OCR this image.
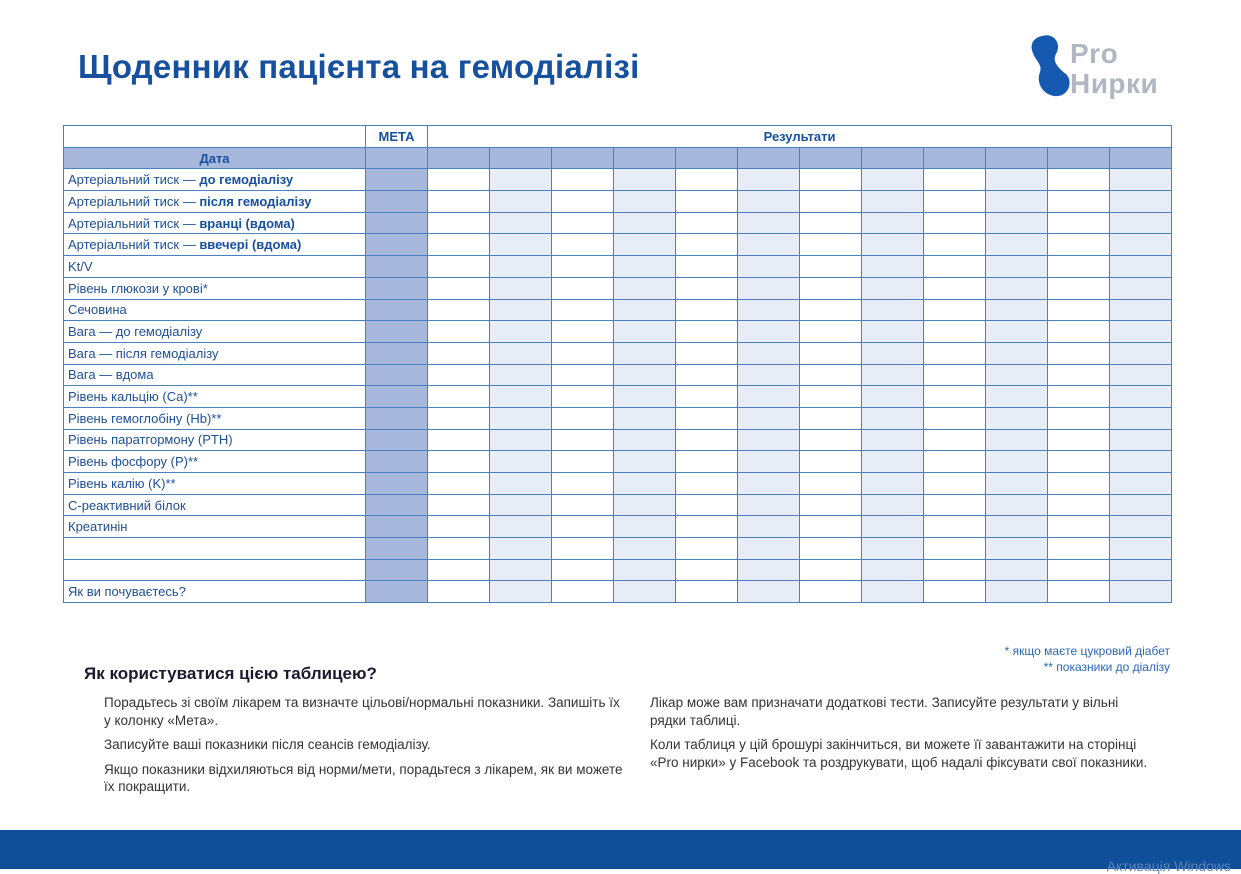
Щоденник пацієнта на гемодіалізі	Pro
Нирки
	МЕТА	Результати											
Дата													
Артеріальний тиск — до гемодіалізу													
Артеріальний тиск — після гемодіалізу													
Артеріальний тиск — вранці (вдома)													
Артеріальний тиск — ввечері (вдома)													
Kt/V													
Рівень глюкози у крові*													
Сечовина													
Вага — до гемодіалізу													
Вага — після гемодіалізу													
Вага — вдома													
Рівень кальцію (Ca)**													
Рівень гемоглобіну (Hb)**													
Рівень паратгормону (PTH)													
Рівень фосфору (P)**													
Рівень калію (K)**													
С-реактивний білок													
Креатинін													

Як ви почуваєтесь?													
* якщо маєте цукровий діабет
** показники до діалізу
Як користуватися цією таблицею?

Порадьтесь зі своїм лікарем та визначте цільові/нормальні показники. Запишіть їх у колонку «Мета».

Записуйте ваші показники після сеансів гемодіалізу.

Якщо показники відхиляються від норми/мети, порадьтеся з лікарем, як ви можете їх покращити.

Лікар може вам призначати додаткові тести. Записуйте результати у вільні рядки таблиці.

Коли таблиця у цій брошурі закінчиться, ви можете її завантажити на сторінці «Pro нирки» у Facebook та роздрукувати, щоб надалі фіксувати свої показники.

Активація Windows
